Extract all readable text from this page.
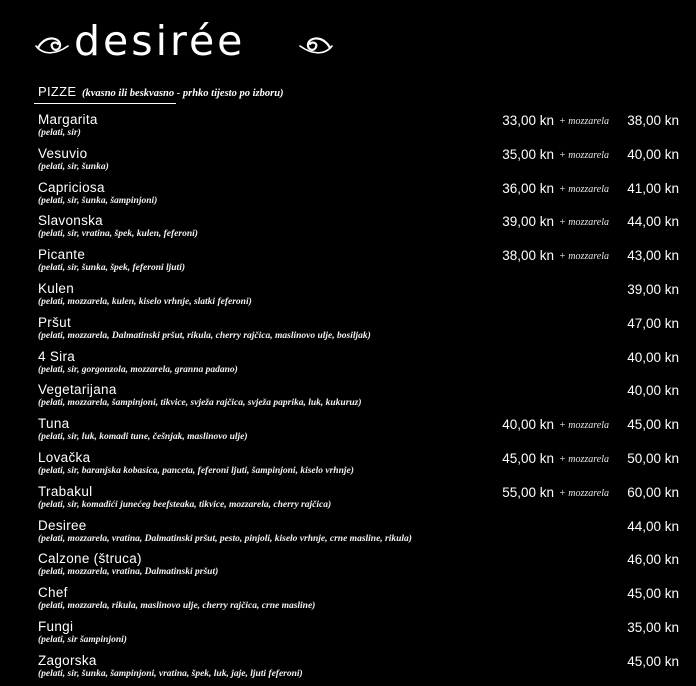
desirée
PIZZE (kvasno ili beskvasno - prhko tijesto po izboru)
Margarita
(pelati, sir)
33,00 kn + mozzarela 38,00 kn
Vesuvio
(pelati, sir, šunka)
35,00 kn + mozzarela 40,00 kn
Capriciosa
(pelati, sir, šunka, šampinjoni)
36,00 kn + mozzarela 41,00 kn
Slavonska
(pelati, sir, vratina, špek, kulen, feferoni)
39,00 kn + mozzarela 44,00 kn
Picante
(pelati, sir, šunka, špek, feferoni ljuti)
38,00 kn + mozzarela 43,00 kn
Kulen
(pelati, mozzarela, kulen, kiselo vrhnje, slatki feferoni)
39,00 kn
Pršut
(pelati, mozzarela, Dalmatinski pršut, rikula, cherry rajčica, maslinovo ulje, bosiljak)
47,00 kn
4 Sira
(pelati, sir, gorgonzola, mozzarela, granna padano)
40,00 kn
Vegetarijana
(pelati, mozzarela, šampinjoni, tikvice, svježa rajčica, svježa paprika, luk, kukuruz)
40,00 kn
Tuna
(pelati, sir, luk, komadi tune, češnjak, maslinovo ulje)
40,00 kn + mozzarela 45,00 kn
Lovačka
(pelati, sir, baranjska kobasica, panceta, feferoni ljuti, šampinjoni, kiselo vrhnje)
45,00 kn + mozzarela 50,00 kn
Trabakul
(pelati, sir, komadići junećeg beefsteaka, tikvice, mozzarela, cherry rajčica)
55,00 kn + mozzarela 60,00 kn
Desiree
(pelati, mozzarela, vratina, Dalmatinski pršut, pesto, pinjoli, kiselo vrhnje, crne masline, rikula)
44,00 kn
Calzone (štruca)
(pelati, mozzarela, vratina, Dalmatinski pršut)
46,00 kn
Chef
(pelati, mozzarela, rikula, maslinovo ulje, cherry rajčica, crne masline)
45,00 kn
Fungi
(pelati, sir šampinjoni)
35,00 kn
Zagorska
(pelati, sir, šunka, šampinjoni, vratina, špek, luk, jaje, ljuti feferoni)
45,00 kn
